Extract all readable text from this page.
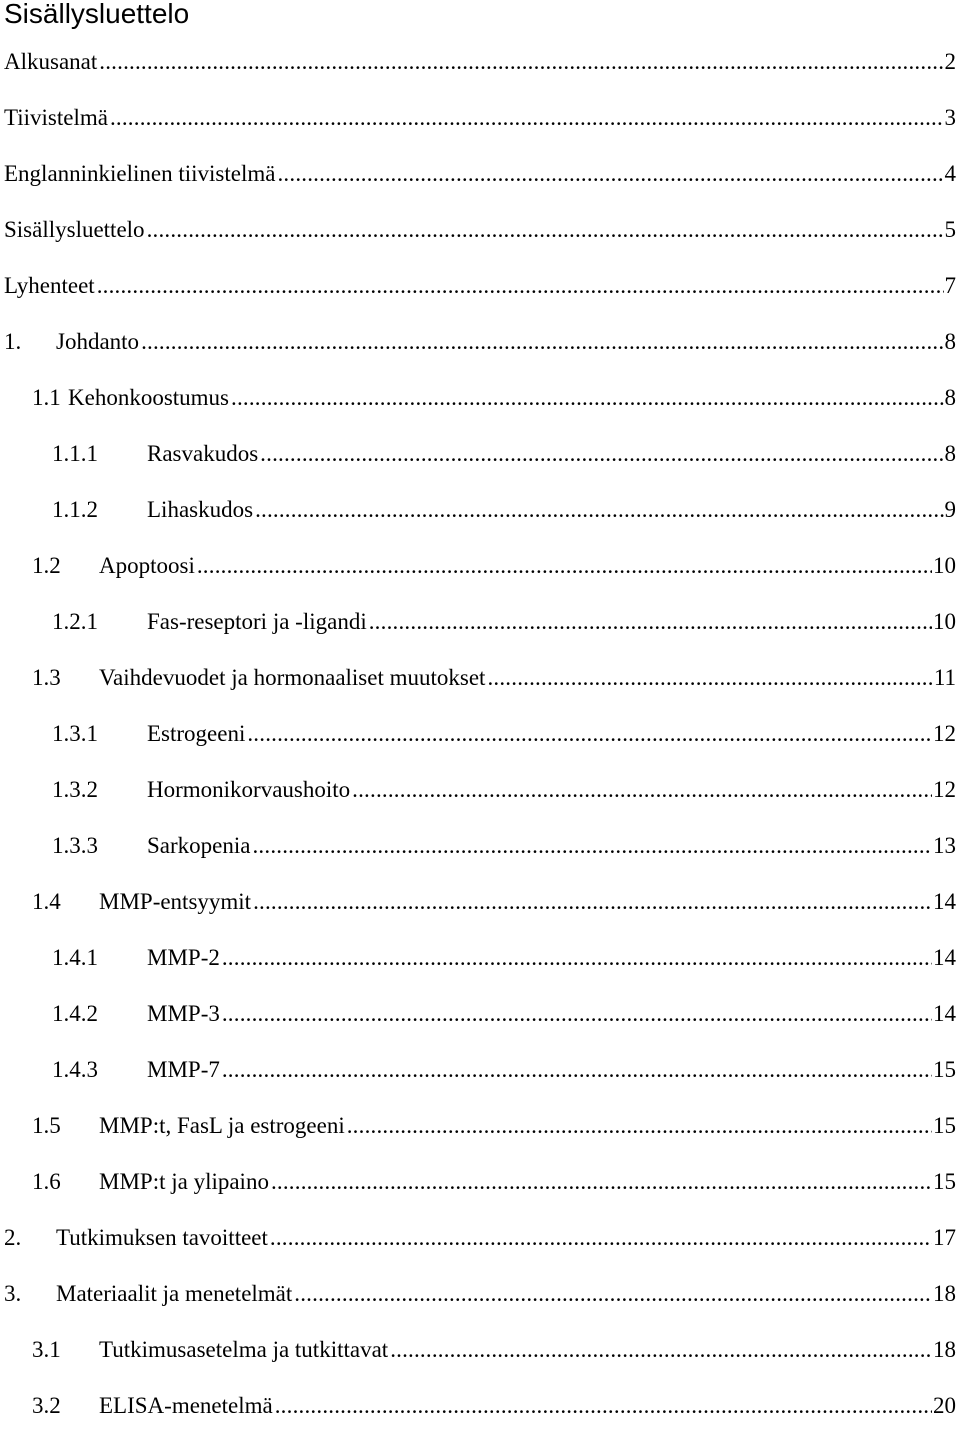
Sisällysluettelo
Alkusanat .....	2
Tiivistelmä .....	3
Englanninkielinen tiivistelmä .....	4
Sisällysluettelo .....	5
Lyhenteet .....	7
1.	Johdanto .....	8
1.1 Kehonkoostumus .....	8
1.1.1	Rasvakudos .....	8
1.1.2	Lihaskudos .....	9
1.2	Apoptoosi .....	10
1.2.1	Fas-reseptori ja -ligandi .....	10
1.3	Vaihdevuodet ja hormonaaliset muutokset .....	11
1.3.1	Estrogeeni .....	12
1.3.2	Hormonikorvaushoito .....	12
1.3.3	Sarkopenia .....	13
1.4	MMP-entsyymit .....	14
1.4.1	MMP-2 .....	14
1.4.2	MMP-3 .....	14
1.4.3	MMP-7 .....	15
1.5	MMP:t, FasL ja estrogeeni .....	15
1.6	MMP:t ja ylipaino .....	15
2.	Tutkimuksen tavoitteet .....	17
3.	Materiaalit ja menetelmät .....	18
3.1	Tutkimusasetelma ja tutkittavat .....	18
3.2	ELISA-menetelmä .....	20
